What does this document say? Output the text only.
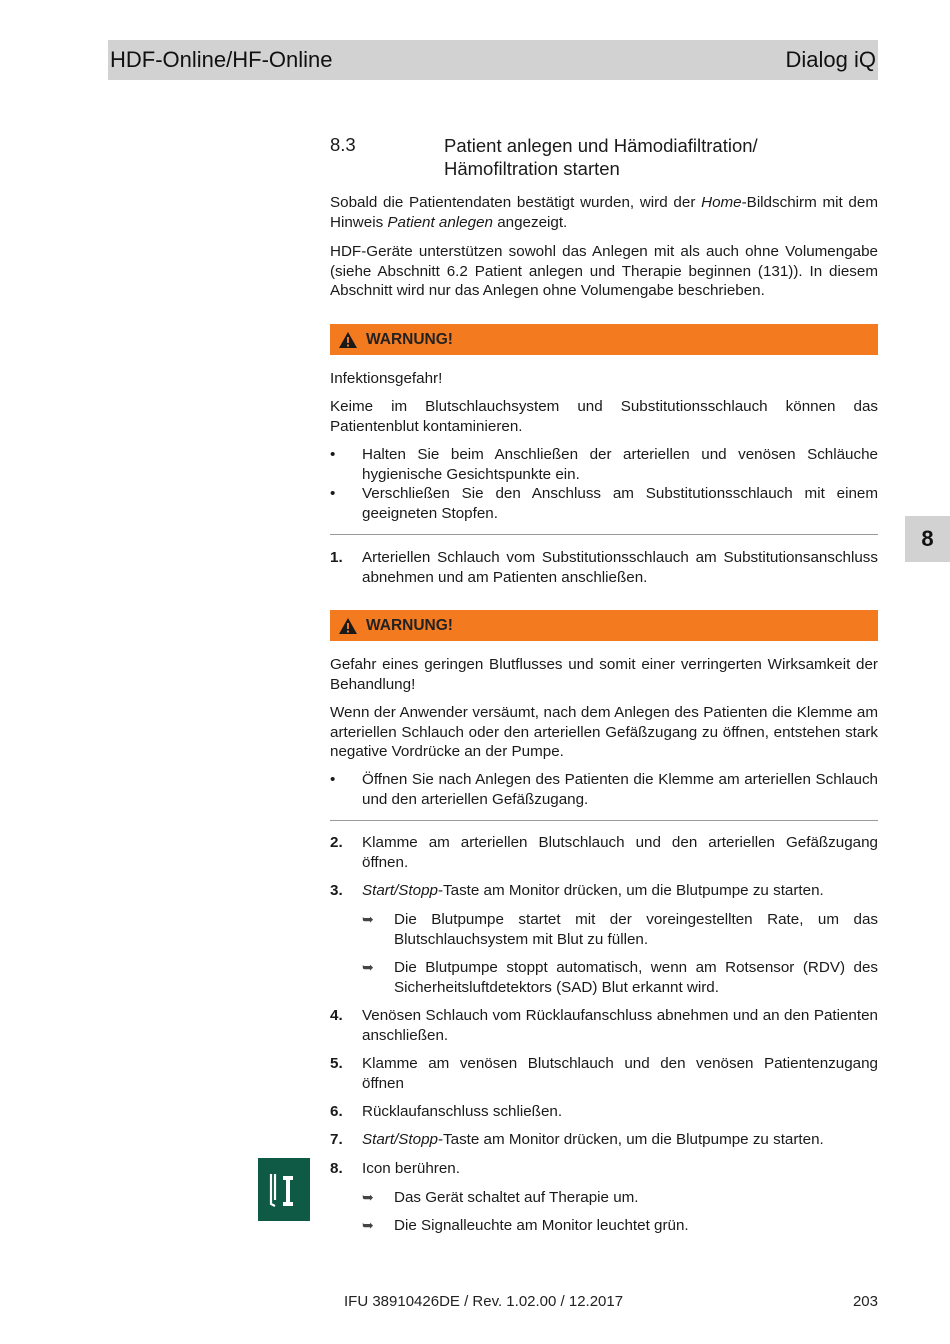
HDF-Online/HF-Online	Dialog iQ
8
8.3	Patient anlegen und Hämodiafiltration/
Hämofiltration starten
Sobald die Patientendaten bestätigt wurden, wird der Home-Bildschirm mit dem Hinweis Patient anlegen angezeigt.
HDF-Geräte unterstützen sowohl das Anlegen mit als auch ohne Volumengabe (siehe Abschnitt 6.2 Patient anlegen und Therapie beginnen (131)). In diesem Abschnitt wird nur das Anlegen ohne Volumengabe beschrieben.
WARNUNG!
Infektionsgefahr!
Keime im Blutschlauchsystem und Substitutionsschlauch können das Patientenblut kontaminieren.
• Halten Sie beim Anschließen der arteriellen und venösen Schläuche hygienische Gesichtspunkte ein.
• Verschließen Sie den Anschluss am Substitutionsschlauch mit einem geeigneten Stopfen.
1. Arteriellen Schlauch vom Substitutionsschlauch am Substitutionsanschluss abnehmen und am Patienten anschließen.
WARNUNG!
Gefahr eines geringen Blutflusses und somit einer verringerten Wirksamkeit der Behandlung!
Wenn der Anwender versäumt, nach dem Anlegen des Patienten die Klemme am arteriellen Schlauch oder den arteriellen Gefäßzugang zu öffnen, entstehen stark negative Vordrücke an der Pumpe.
• Öffnen Sie nach Anlegen des Patienten die Klemme am arteriellen Schlauch und den arteriellen Gefäßzugang.
2. Klamme am arteriellen Blutschlauch und den arteriellen Gefäßzugang öffnen.
3. Start/Stopp-Taste am Monitor drücken, um die Blutpumpe zu starten.
➥ Die Blutpumpe startet mit der voreingestellten Rate, um das Blutschlauchsystem mit Blut zu füllen.
➥ Die Blutpumpe stoppt automatisch, wenn am Rotsensor (RDV) des Sicherheitsluftdetektors (SAD) Blut erkannt wird.
4. Venösen Schlauch vom Rücklaufanschluss abnehmen und an den Patienten anschließen.
5. Klamme am venösen Blutschlauch und den venösen Patientenzugang öffnen
6. Rücklaufanschluss schließen.
7. Start/Stopp-Taste am Monitor drücken, um die Blutpumpe zu starten.
8. Icon berühren.
➥ Das Gerät schaltet auf Therapie um.
➥ Die Signalleuchte am Monitor leuchtet grün.
IFU 38910426DE / Rev. 1.02.00 / 12.2017	203
